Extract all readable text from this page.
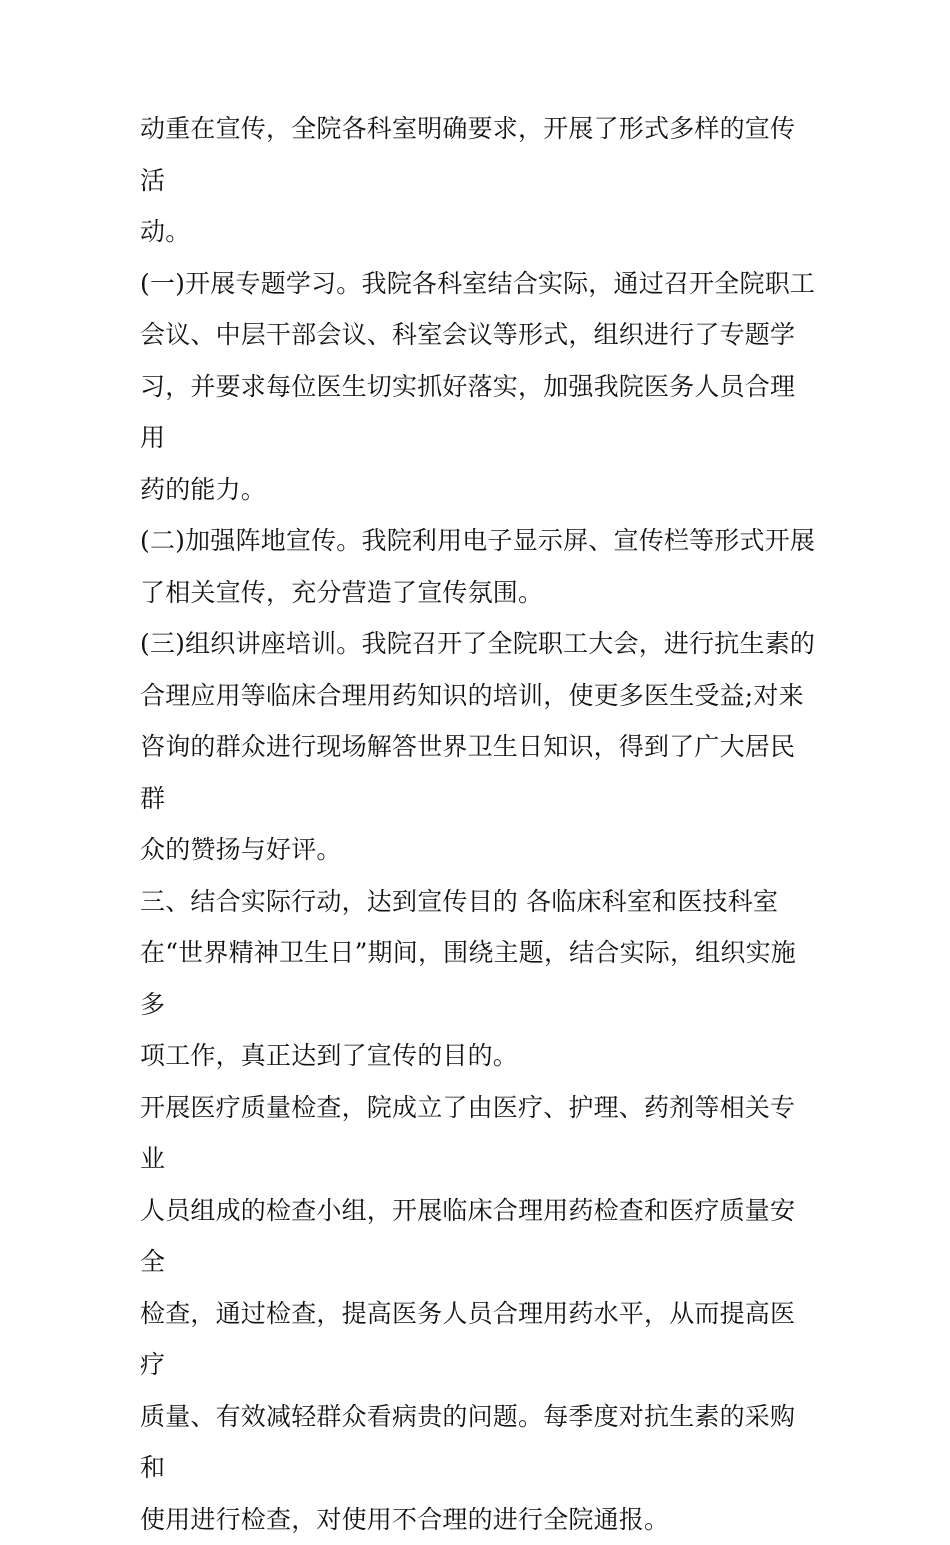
动重在宣传，全院各科室明确要求，开展了形式多样的宣传活
动。
(一)开展专题学习。我院各科室结合实际，通过召开全院职工
会议、中层干部会议、科室会议等形式，组织进行了专题学
习，并要求每位医生切实抓好落实，加强我院医务人员合理用
药的能力。
(二)加强阵地宣传。我院利用电子显示屏、宣传栏等形式开展
了相关宣传，充分营造了宣传氛围。
(三)组织讲座培训。我院召开了全院职工大会，进行抗生素的
合理应用等临床合理用药知识的培训，使更多医生受益;对来
咨询的群众进行现场解答世界卫生日知识，得到了广大居民群
众的赞扬与好评。
三、结合实际行动，达到宣传目的 各临床科室和医技科室
在“世界精神卫生日”期间，围绕主题，结合实际，组织实施多
项工作，真正达到了宣传的目的。
开展医疗质量检查，院成立了由医疗、护理、药剂等相关专业
人员组成的检查小组，开展临床合理用药检查和医疗质量安全
检查，通过检查，提高医务人员合理用药水平，从而提高医疗
质量、有效减轻群众看病贵的问题。每季度对抗生素的采购和
使用进行检查，对使用不合理的进行全院通报。
